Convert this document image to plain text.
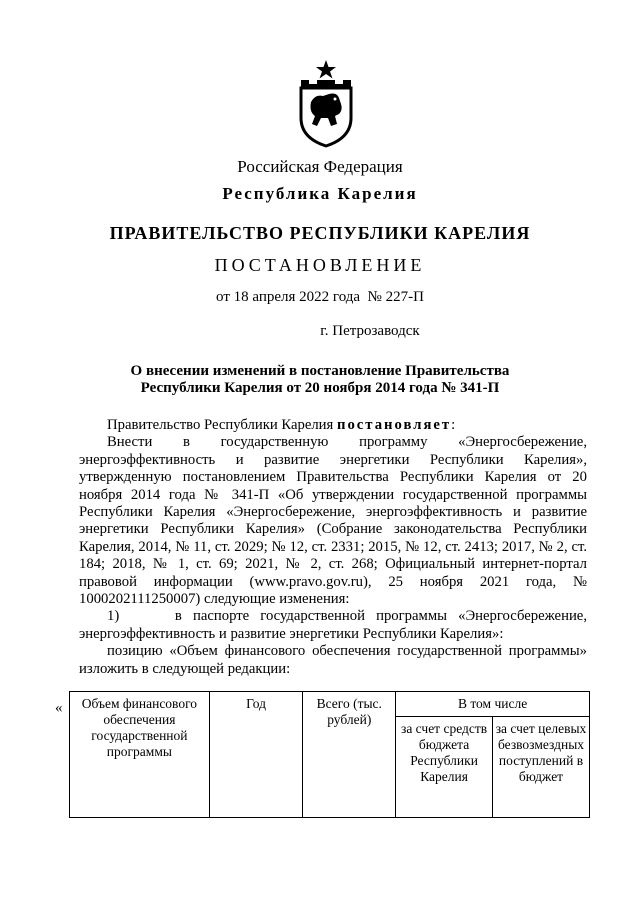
Российская Федерация
Республика Карелия
ПРАВИТЕЛЬСТВО РЕСПУБЛИКИ КАРЕЛИЯ
ПОСТАНОВЛЕНИЕ
от 18 апреля 2022 года  № 227-П
г. Петрозаводск
О внесении изменений в постановление Правительства
Республики Карелия от 20 ноября 2014 года № 341-П

Правительство Республики Карелия постановляет:

Внести в государственную программу «Энергосбережение, энергоэффективность и развитие энергетики Республики Карелия», утвержденную постановлением Правительства Республики Карелия от 20 ноября 2014 года № 341-П «Об утверждении государственной программы Республики Карелия «Энергосбережение, энергоэффективность и развитие энергетики Республики Карелия» (Собрание законодательства Республики Карелия, 2014, № 11, ст. 2029; № 12, ст. 2331; 2015, № 12, ст. 2413; 2017, № 2, ст. 184; 2018, № 1, ст. 69; 2021, № 2, ст. 268; Официальный интернет-портал правовой информации (www.pravo.gov.ru), 25 ноября 2021 года, № 1000202111250007) следующие изменения:

1)     в паспорте государственной программы «Энергосбережение, энергоэффективность и развитие энергетики Республики Карелия»:

позицию «Объем финансового обеспечения государственной программы» изложить в следующей редакции:

« Объем финансового обеспечения государственной программы	Год	Всего (тыс. рублей)	В том числе	
			за счет средств бюджета Республики Карелия	за счет целевых безвозмездных поступлений в бюджет
